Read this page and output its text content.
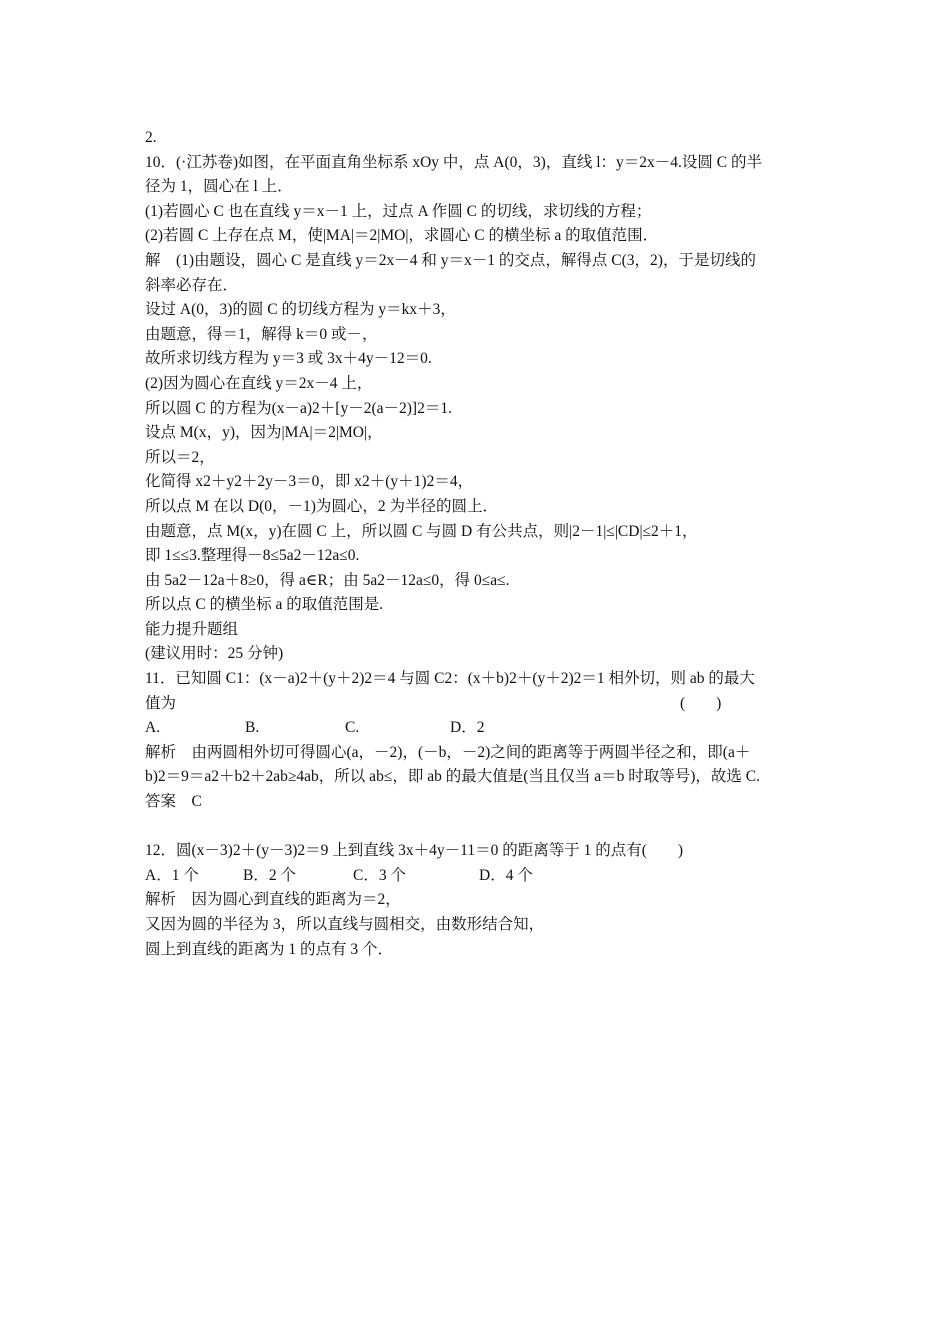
2.
10．(·江苏卷)如图，在平面直角坐标系 xOy 中，点 A(0，3)，直线 l：y＝2x－4.设圆 C 的半
径为 1，圆心在 l 上．
(1)若圆心 C 也在直线 y＝x－1 上，过点 A 作圆 C 的切线，求切线的方程；
(2)若圆 C 上存在点 M，使|MA|＝2|MO|，求圆心 C 的横坐标 a 的取值范围．
解　(1)由题设，圆心 C 是直线 y＝2x－4 和 y＝x－1 的交点，解得点 C(3，2)，于是切线的
斜率必存在．
设过 A(0，3)的圆 C 的切线方程为 y＝kx＋3，
由题意，得＝1，解得 k＝0 或－，
故所求切线方程为 y＝3 或 3x＋4y－12＝0.
(2)因为圆心在直线 y＝2x－4 上，
所以圆 C 的方程为(x－a)2＋[y－2(a－2)]2＝1.
设点 M(x，y)，因为|MA|＝2|MO|，
所以＝2，
化简得 x2＋y2＋2y－3＝0，即 x2＋(y＋1)2＝4，
所以点 M 在以 D(0，－1)为圆心，2 为半径的圆上．
由题意，点 M(x，y)在圆 C 上，所以圆 C 与圆 D 有公共点，则|2－1|≤|CD|≤2＋1，
即 1≤≤3.整理得－8≤5a2－12a≤0.
由 5a2－12a＋8≥0，得 a∈R；由 5a2－12a≤0，得 0≤a≤.
所以点 C 的横坐标 a 的取值范围是.
能力提升题组
(建议用时：25 分钟)
11．已知圆 C1：(x－a)2＋(y＋2)2＝4 与圆 C2：(x＋b)2＋(y＋2)2＝1 相外切，则 ab 的最大

值为

	(　　)

A.

	B.

	C.

	D．2

解析　由两圆相外切可得圆心(a，－2)，(－b，－2)之间的距离等于两圆半径之和，即(a＋
b)2＝9＝a2＋b2＋2ab≥4ab，所以 ab≤，即 ab 的最大值是(当且仅当 a＝b 时取等号)，故选 C.
答案　C
12．圆(x－3)2＋(y－3)2＝9 上到直线 3x＋4y－11＝0 的距离等于 1 的点有(　　)

A．1 个

	B．2 个

	C．3 个

	D．4 个

解析　因为圆心到直线的距离为＝2，
又因为圆的半径为 3，所以直线与圆相交，由数形结合知，
圆上到直线的距离为 1 的点有 3 个．
